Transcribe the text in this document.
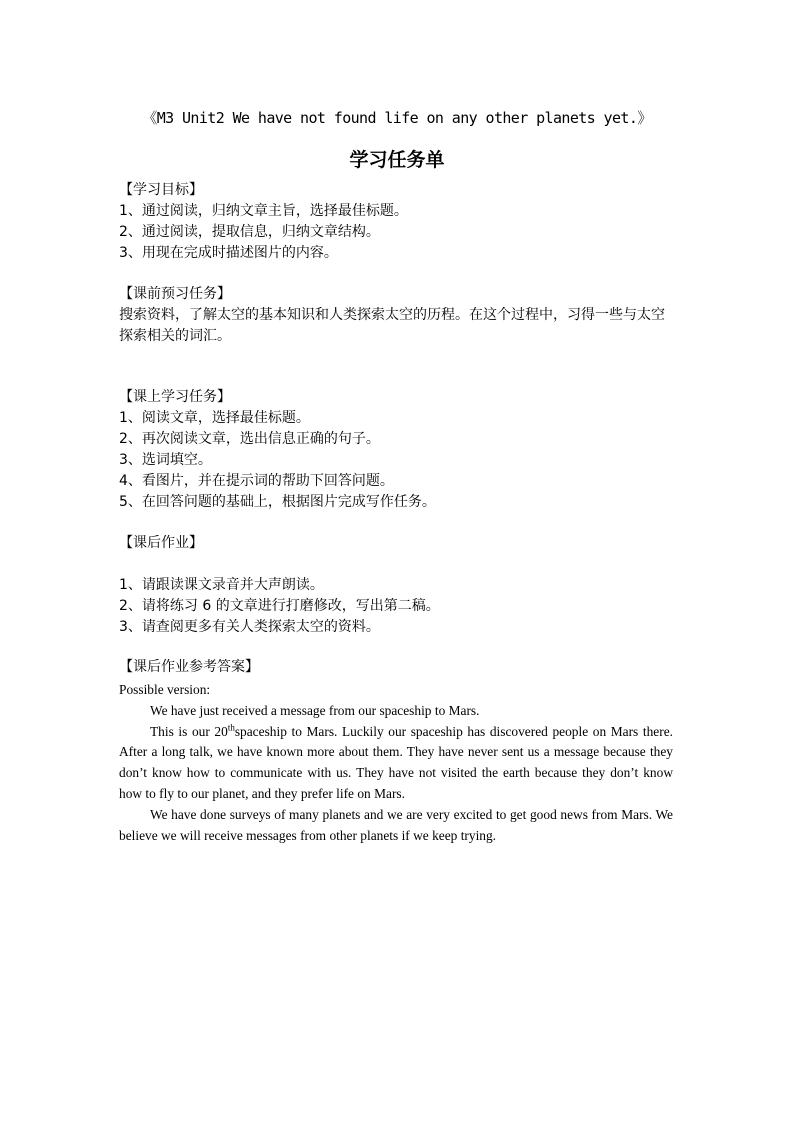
《M3 Unit2 We have not found life on any other planets yet.》
学习任务单
【学习目标】
1、通过阅读，归纳文章主旨，选择最佳标题。
2、通过阅读，提取信息，归纳文章结构。
3、用现在完成时描述图片的内容。
【课前预习任务】
搜索资料，了解太空的基本知识和人类探索太空的历程。在这个过程中，习得一些与太空探索相关的词汇。
【课上学习任务】
1、阅读文章，选择最佳标题。
2、再次阅读文章，选出信息正确的句子。
3、选词填空。
4、看图片，并在提示词的帮助下回答问题。
5、在回答问题的基础上，根据图片完成写作任务。
【课后作业】
1、请跟读课文录音并大声朗读。
2、请将练习 6 的文章进行打磨修改，写出第二稿。
3、请查阅更多有关人类探索太空的资料。
【课后作业参考答案】

Possible version:

We have just received a message from our spaceship to Mars.

This is our 20thspaceship to Mars. Luckily our spaceship has discovered people on Mars there. After a long talk, we have known more about them. They have never sent us a message because they don’t know how to communicate with us. They have not visited the earth because they don’t know how to fly to our planet, and they prefer life on Mars.

We have done surveys of many planets and we are very excited to get good news from Mars. We believe we will receive messages from other planets if we keep trying.
